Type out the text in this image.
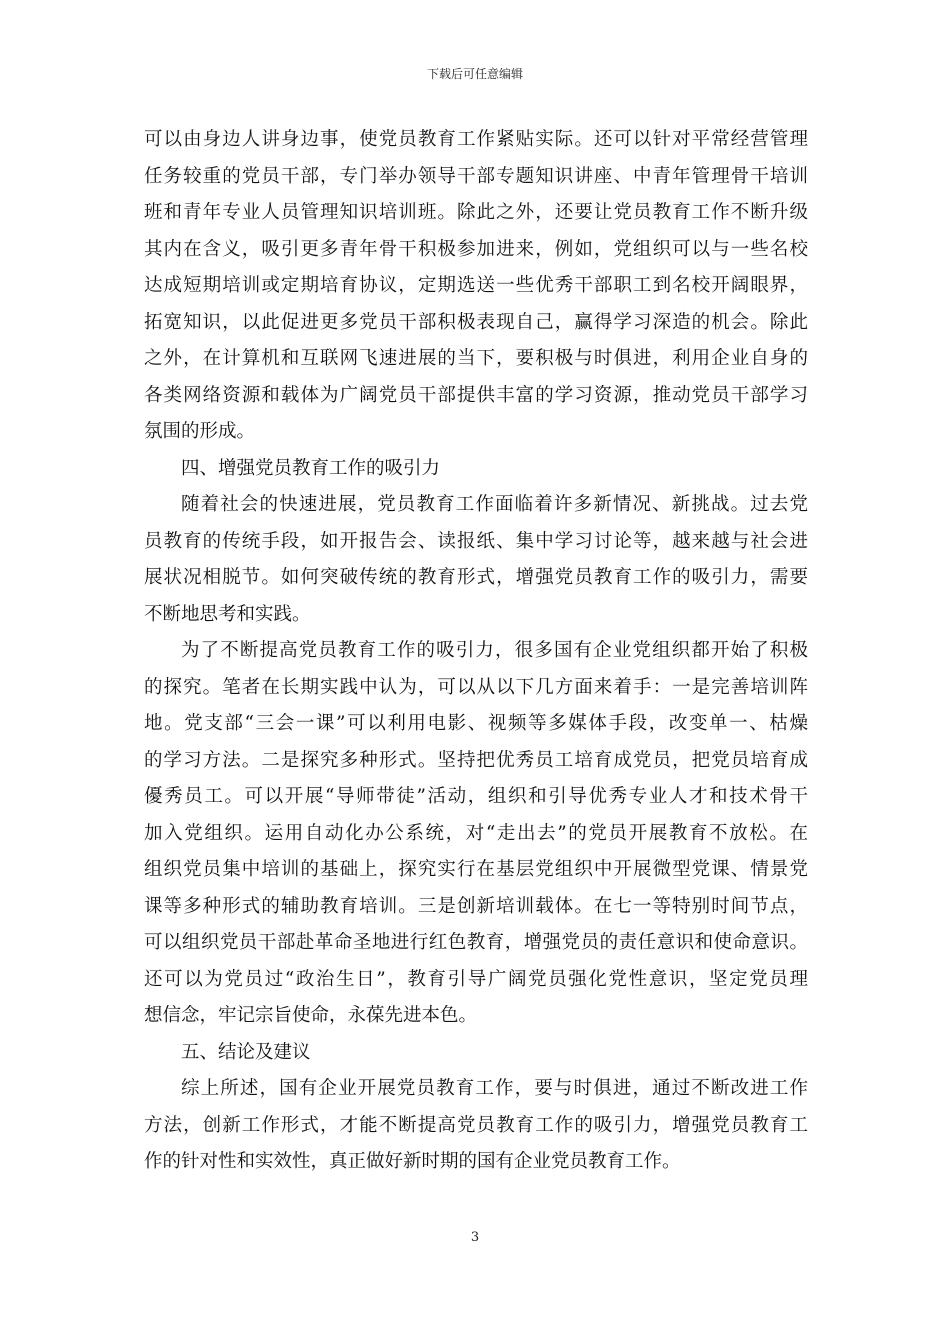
下载后可任意编辑
可以由身边人讲身边事，使党员教育工作紧贴实际。还可以针对平常经营管理
任务较重的党员干部，专门举办领导干部专题知识讲座、中青年管理骨干培训
班和青年专业人员管理知识培训班。除此之外，还要让党员教育工作不断升级
其内在含义，吸引更多青年骨干积极参加进来，例如，党组织可以与一些名校
达成短期培训或定期培育协议，定期选送一些优秀干部职工到名校开阔眼界，
拓宽知识，以此促进更多党员干部积极表现自己，赢得学习深造的机会。除此
之外，在计算机和互联网飞速进展的当下，要积极与时俱进，利用企业自身的
各类网络资源和载体为广阔党员干部提供丰富的学习资源，推动党员干部学习
氛围的形成。
四、增强党员教育工作的吸引力
随着社会的快速进展，党员教育工作面临着许多新情况、新挑战。过去党
员教育的传统手段，如开报告会、读报纸、集中学习讨论等，越来越与社会进
展状况相脱节。如何突破传统的教育形式，增强党员教育工作的吸引力，需要
不断地思考和实践。
为了不断提高党员教育工作的吸引力，很多国有企业党组织都开始了积极
的探究。笔者在长期实践中认为，可以从以下几方面来着手：一是完善培训阵
地。党支部“三会一课”可以利用电影、视频等多媒体手段，改变单一、枯燥
的学习方法。二是探究多种形式。坚持把优秀员工培育成党员，把党员培育成
優秀员工。可以开展“导师带徒”活动，组织和引导优秀专业人才和技术骨干
加入党组织。运用自动化办公系统，对“走出去”的党员开展教育不放松。在
组织党员集中培训的基础上，探究实行在基层党组织中开展微型党课、情景党
课等多种形式的辅助教育培训。三是创新培训载体。在七一等特别时间节点，
可以组织党员干部赴革命圣地进行红色教育，增强党员的责任意识和使命意识。
还可以为党员过“政治生日”，教育引导广阔党员强化党性意识，坚定党员理
想信念，牢记宗旨使命，永葆先进本色。
五、结论及建议
综上所述，国有企业开展党员教育工作，要与时俱进，通过不断改进工作
方法，创新工作形式，才能不断提高党员教育工作的吸引力，增强党员教育工
作的针对性和实效性，真正做好新时期的国有企业党员教育工作。
3
